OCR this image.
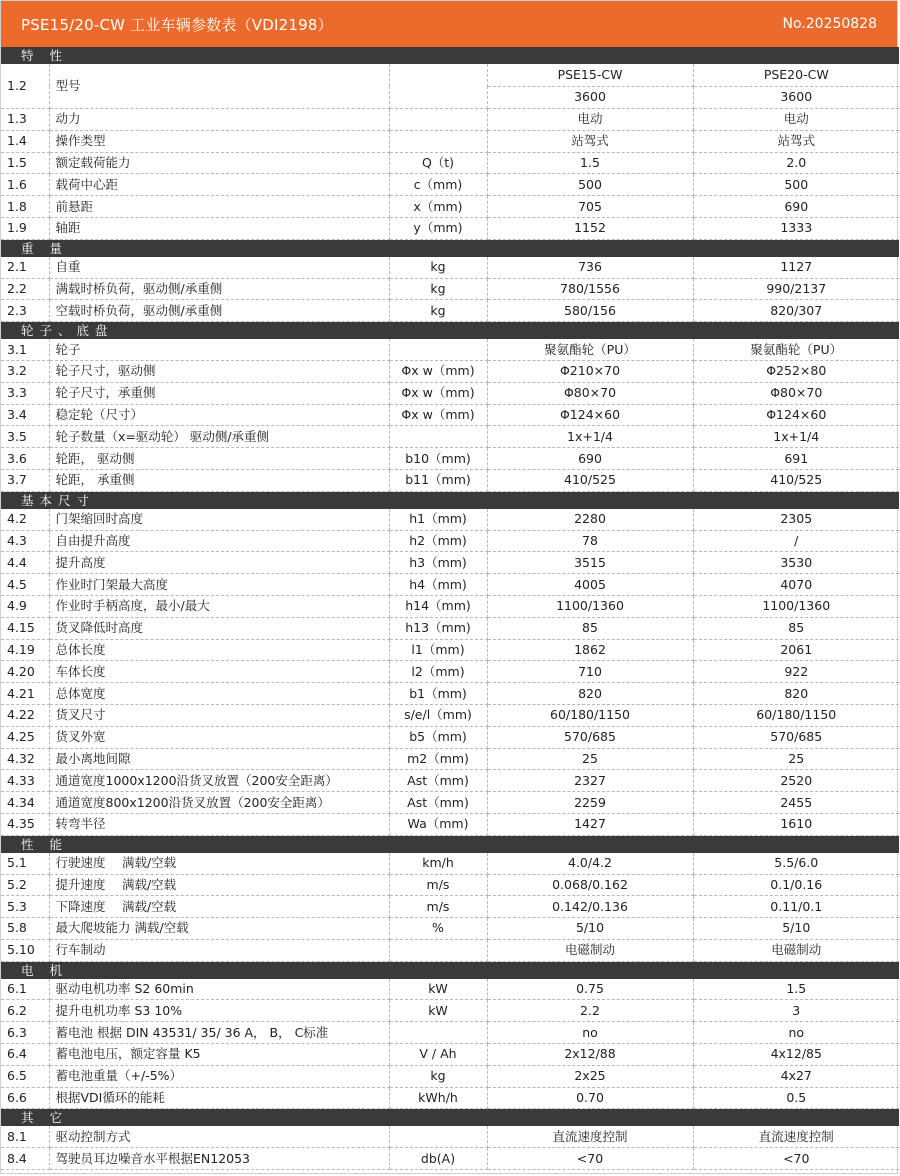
PSE15/20-CW 工业车辆参数表（VDI2198）	No.20250828
特 性				
1.2	型号		PSE15-CW	PSE20-CW
			3600	3600
1.3	动力		电动	电动
1.4	操作类型		站驾式	站驾式
1.5	额定载荷能力	Q（t)	1.5	2.0
1.6	载荷中心距	c（mm)	500	500
1.8	前悬距	x（mm)	705	690
1.9	轴距	y（mm)	1152	1333
重 量				
2.1	自重	kg	736	1127
2.2	满载时桥负荷，驱动侧/承重侧	kg	780/1556	990/2137
2.3	空载时桥负荷，驱动侧/承重侧	kg	580/156	820/307
轮子、底盘				
3.1	轮子		聚氨酯轮（PU）	聚氨酯轮（PU）
3.2	轮子尺寸，驱动侧	Φx w（mm)	Φ210×70	Φ252×80
3.3	轮子尺寸，承重侧	Φx w（mm)	Φ80×70	Φ80×70
3.4	稳定轮（尺寸）	Φx w（mm)	Φ124×60	Φ124×60
3.5	轮子数量（x=驱动轮） 驱动侧/承重侧		1x+1/4	1x+1/4
3.6	轮距， 驱动侧	b10（mm)	690	691
3.7	轮距， 承重侧	b11（mm)	410/525	410/525
基本尺寸				
4.2	门架缩回时高度	h1（mm)	2280	2305
4.3	自由提升高度	h2（mm)	78	/
4.4	提升高度	h3（mm)	3515	3530
4.5	作业时门架最大高度	h4（mm)	4005	4070
4.9	作业时手柄高度，最小/最大	h14（mm)	1100/1360	1100/1360
4.15	货叉降低时高度	h13（mm)	85	85
4.19	总体长度	l1（mm)	1862	2061
4.20	车体长度	l2（mm)	710	922
4.21	总体宽度	b1（mm)	820	820
4.22	货叉尺寸	s/e/l（mm)	60/180/1150	60/180/1150
4.25	货叉外宽	b5（mm)	570/685	570/685
4.32	最小离地间隙	m2（mm)	25	25
4.33	通道宽度1000x1200沿货叉放置（200安全距离）	Ast（mm)	2327	2520
4.34	通道宽度800x1200沿货叉放置（200安全距离）	Ast（mm)	2259	2455
4.35	转弯半径	Wa（mm)	1427	1610
性 能				
5.1	行驶速度　 满载/空载	km/h	4.0/4.2	5.5/6.0
5.2	提升速度　 满载/空载	m/s	0.068/0.162	0.1/0.16
5.3	下降速度　 满载/空载	m/s	0.142/0.136	0.11/0.1
5.8	最大爬坡能力 满载/空载	%	5/10	5/10
5.10	行车制动		电磁制动	电磁制动
电 机				
6.1	驱动电机功率 S2 60min	kW	0.75	1.5
6.2	提升电机功率 S3 10%	kW	2.2	3
6.3	蓄电池 根据 DIN 43531/ 35/ 36 A， B， C标准		no	no
6.4	蓄电池电压，额定容量 K5	V / Ah	2x12/88	4x12/85
6.5	蓄电池重量（+/-5%）	kg	2x25	4x27
6.6	根据VDI循环的能耗	kWh/h	0.70	0.5
其 它				
8.1	驱动控制方式		直流速度控制	直流速度控制
8.4	驾驶员耳边噪音水平根据EN12053	db(A)	<70	<70
